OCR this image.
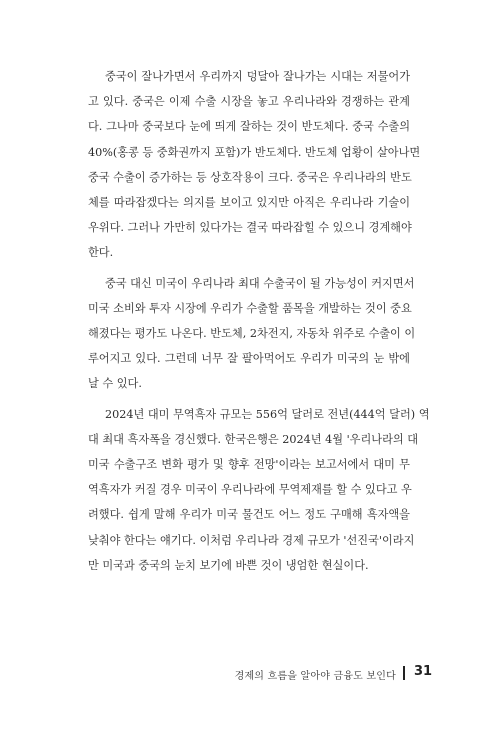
중국이 잘나가면서 우리까지 덩달아 잘나가는 시대는 저물어가
고 있다. 중국은 이제 수출 시장을 놓고 우리나라와 경쟁하는 관계
다. 그나마 중국보다 눈에 띄게 잘하는 것이 반도체다. 중국 수출의
40%(홍콩 등 중화권까지 포함)가 반도체다. 반도체 업황이 살아나면
중국 수출이 증가하는 등 상호작용이 크다. 중국은 우리나라의 반도
체를 따라잡겠다는 의지를 보이고 있지만 아직은 우리나라 기술이
우위다. 그러나 가만히 있다가는 결국 따라잡힐 수 있으니 경계해야
한다.
중국 대신 미국이 우리나라 최대 수출국이 될 가능성이 커지면서
미국 소비와 투자 시장에 우리가 수출할 품목을 개발하는 것이 중요
해졌다는 평가도 나온다. 반도체, 2차전지, 자동차 위주로 수출이 이
루어지고 있다. 그런데 너무 잘 팔아먹어도 우리가 미국의 눈 밖에
날 수 있다.
2024년 대미 무역흑자 규모는 556억 달러로 전년(444억 달러) 역
대 최대 흑자폭을 경신했다. 한국은행은 2024년 4월 '우리나라의 대
미국 수출구조 변화 평가 및 향후 전망'이라는 보고서에서 대미 무
역흑자가 커질 경우 미국이 우리나라에 무역제재를 할 수 있다고 우
려했다. 쉽게 말해 우리가 미국 물건도 어느 정도 구매해 흑자액을
낮춰야 한다는 얘기다. 이처럼 우리나라 경제 규모가 '선진국'이라지
만 미국과 중국의 눈치 보기에 바쁜 것이 냉엄한 현실이다.
경제의 흐름을 알아야 금융도 보인다 31
